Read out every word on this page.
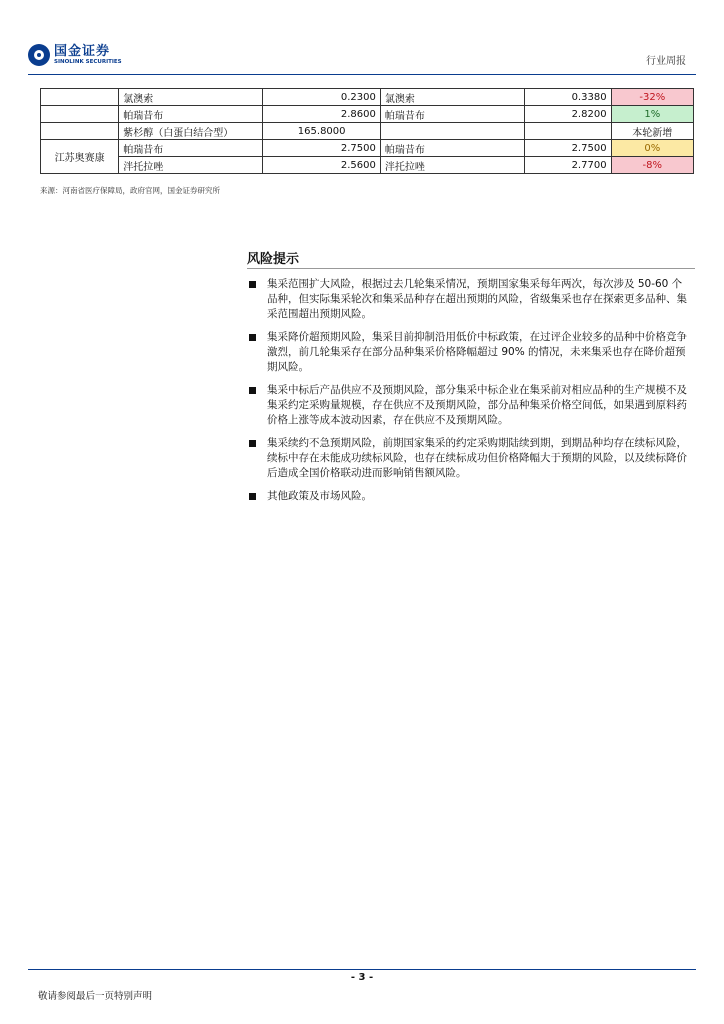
国金证券
SINOLINK SECURITIES	行业周报
	氯澳索	0.2300	氯澳索	0.3380	-32%
	帕瑞昔布	2.8600	帕瑞昔布	2.8200	1%
	紫杉醇（白蛋白结合型）	165.8000			本轮新增
江苏奥赛康	帕瑞昔布	2.7500	帕瑞昔布	2.7500	0%
	泮托拉唑	2.5600	泮托拉唑	2.7700	-8%
来源：河南省医疗保障局，政府官网，国金证券研究所
风险提示
集采范围扩大风险，根据过去几轮集采情况，预期国家集采每年两次，每次涉及 50-60 个品种，但实际集采轮次和集采品种存在超出预期的风险，省级集采也存在探索更多品种、集采范围超出预期风险。
集采降价超预期风险，集采目前抑制沿用低价中标政策，在过评企业较多的品种中价格竞争激烈，前几轮集采存在部分品种集采价格降幅超过 90% 的情况，未来集采也存在降价超预期风险。
集采中标后产品供应不及预期风险，部分集采中标企业在集采前对相应品种的生产规模不及集采约定采购量规模，存在供应不及预期风险，部分品种集采价格空间低，如果遇到原料药价格上涨等成本波动因素，存在供应不及预期风险。
集采续约不急预期风险，前期国家集采的约定采购期陆续到期，到期品种均存在续标风险，续标中存在未能成功续标风险，也存在续标成功但价格降幅大于预期的风险，以及续标降价后造成全国价格联动进而影响销售额风险。
其他政策及市场风险。
- 3 -
敬请参阅最后一页特别声明
